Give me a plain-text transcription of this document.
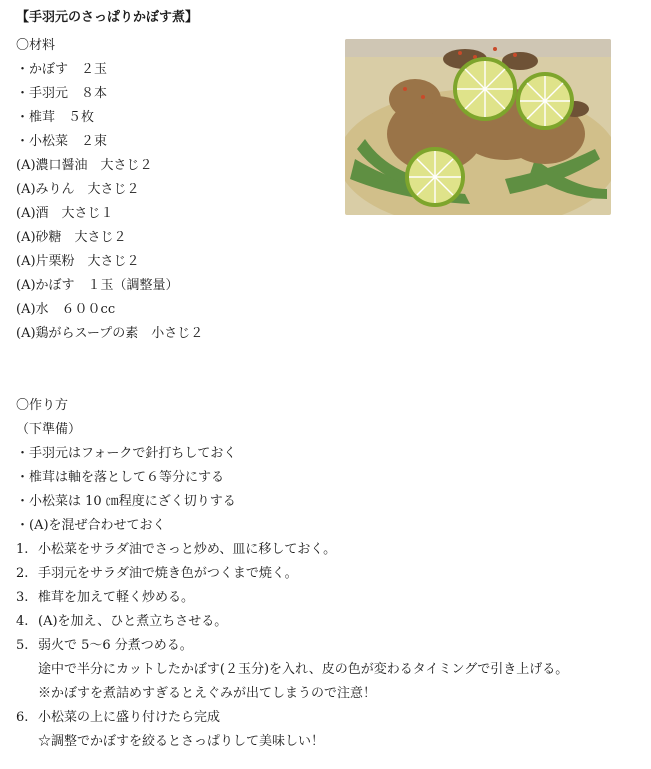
【手羽元のさっぱりかぼす煮】
〇材料
・かぼす　２玉
・手羽元　８本
・椎茸　５枚
・小松菜　２束
(A)濃口醤油　大さじ２
(A)みりん　大さじ２
(A)酒　大さじ１
(A)砂糖　大さじ２
(A)片栗粉　大さじ２
(A)かぼす　１玉（調整量）
(A)水　６００cc
(A)鶏がらスープの素　小さじ２
〇作り方
（下準備）
・手羽元はフォークで針打ちしておく
・椎茸は軸を落として６等分にする
・小松菜は 10 ㎝程度にざく切りする
・(A)を混ぜ合わせておく
1. 小松菜をサラダ油でさっと炒め、皿に移しておく。
2. 手羽元をサラダ油で焼き色がつくまで焼く。
3. 椎茸を加えて軽く炒める。
4. (A)を加え、ひと煮立ちさせる。
5. 弱火で 5〜6 分煮つめる。
途中で半分にカットしたかぼす(２玉分)を入れ、皮の色が変わるタイミングで引き上げる。
※かぼすを煮詰めすぎるとえぐみが出てしまうので注意！
6. 小松菜の上に盛り付けたら完成
☆調整でかぼすを絞るとさっぱりして美味しい！
